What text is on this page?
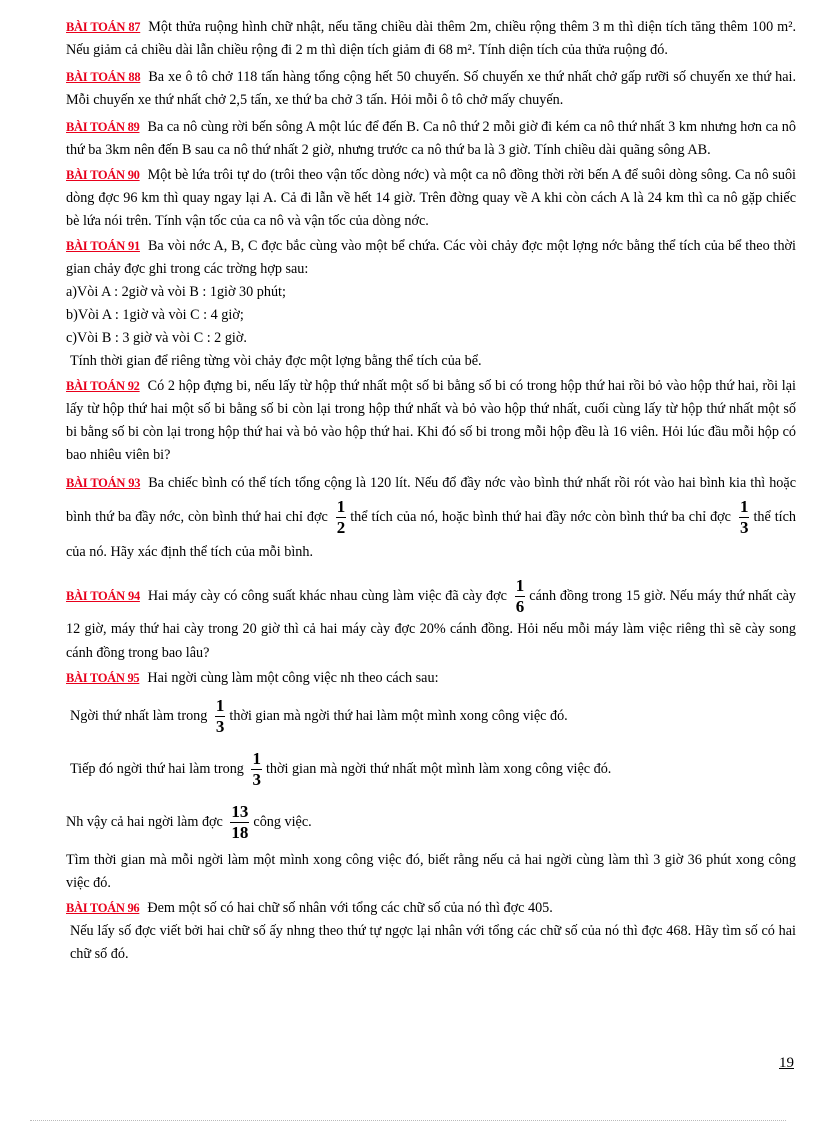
BÀI TOÁN 87 Một thửa ruộng hình chữ nhật, nếu tăng chiều dài thêm 2m, chiều rộng thêm 3 m thì diện tích tăng thêm 100 m². Nếu giảm cả chiều dài lẫn chiều rộng đi 2 m thì diện tích giảm đi 68 m². Tính diện tích của thửa ruộng đó.

BÀI TOÁN 88 Ba xe ô tô chở 118 tấn hàng tổng cộng hết 50 chuyến. Số chuyến xe thứ nhất chở gấp rưỡi số chuyến xe thứ hai. Mỗi chuyến xe thứ nhất chở 2,5 tấn, xe thứ ba chở 3 tấn. Hỏi mỗi ô tô chở mấy chuyến.

BÀI TOÁN 89 Ba ca nô cùng rời bến sông A một lúc để đến B. Ca nô thứ 2 mỗi giờ đi kém ca nô thứ nhất 3 km nhưng hơn ca nô thứ ba 3km nên đến B sau ca nô thứ nhất 2 giờ, nhưng trước ca nô thứ ba là 3 giờ. Tính chiều dài quãng sông AB.

BÀI TOÁN 90 Một bè lứa trôi tự do (trôi theo vận tốc dòng nớc) và một ca nô đồng thời rời bến A để suôi dòng sông. Ca nô suôi dòng đợc 96 km thì quay ngay lại A. Cả đi lẫn về hết 14 giờ. Trên đờng quay về A khi còn cách A là 24 km thì ca nô gặp chiếc bè lứa nói trên. Tính vận tốc của ca nô và vận tốc của dòng nớc.

BÀI TOÁN 91 Ba vòi nớc A, B, C đợc bắc cùng vào một bể chứa. Các vòi chảy đợc một lợng nớc bằng thể tích của bể theo thời gian chảy đợc ghi trong các trờng hợp sau:

a)Vòi A : 2giờ và vòi B : 1giờ 30 phút;

b)Vòi A : 1giờ và vòi C : 4 giờ;

c)Vòi B : 3 giờ và vòi C : 2 giờ.

Tính thời gian để riêng từng vòi chảy đợc một lợng bằng thể tích của bể.

BÀI TOÁN 92 Có 2 hộp đựng bi, nếu lấy từ hộp thứ nhất một số bi bằng số bi có trong hộp thứ hai rồi bỏ vào hộp thứ hai, rồi lại lấy từ hộp thứ hai một số bi bằng số bi còn lại trong hộp thứ nhất và bỏ vào hộp thứ nhất, cuối cùng lấy từ hộp thứ nhất một số bi bằng số bi còn lại trong hộp thứ hai và bỏ vào hộp thứ hai. Khi đó số bi trong mỗi hộp đều là 16 viên. Hỏi lúc đầu mỗi hộp có bao nhiêu viên bi?

BÀI TOÁN 93 Ba chiếc bình có thể tích tổng cộng là 120 lít. Nếu đổ đầy nớc vào bình thứ nhất rồi rót vào hai bình kia thì hoặc bình thứ ba đầy nớc, còn bình thứ hai chỉ đợc $\frac{1}{2}$ thể tích của nó, hoặc bình thứ hai đầy nớc còn bình thứ ba chỉ đợc $\frac{1}{3}$ thể tích của nó. Hãy xác định thể tích của mỗi bình.

BÀI TOÁN 94 Hai máy cày có công suất khác nhau cùng làm việc đã cày đợc $\frac{1}{6}$ cánh đồng trong 15 giờ. Nếu máy thứ nhất cày 12 giờ, máy thứ hai cày trong 20 giờ thì cả hai máy cày đợc 20% cánh đồng. Hỏi nếu mỗi máy làm việc riêng thì sẽ cày song cánh đồng trong bao lâu?

BÀI TOÁN 95 Hai ngời cùng làm một công việc nh theo cách sau:

Ngời thứ nhất làm trong $\frac{1}{3}$ thời gian mà ngời thứ hai làm một mình xong công việc đó.

Tiếp đó ngời thứ hai làm trong $\frac{1}{3}$ thời gian mà ngời thứ nhất một mình làm xong công việc đó.

Nh vậy cả hai ngời làm đợc $\frac{13}{18}$ công việc.

Tìm thời gian mà mỗi ngời làm một mình xong công việc đó, biết rằng nếu cả hai ngời cùng làm thì 3 giờ 36 phút xong công việc đó.

BÀI TOÁN 96 Đem một số có hai chữ số nhân với tổng các chữ số của nó thì đợc 405.

Nếu lấy số đợc viết bởi hai chữ số ấy nhng theo thứ tự ngợc lại nhân với tổng các chữ số của nó thì đợc 468. Hãy tìm số có hai chữ số đó.

19
